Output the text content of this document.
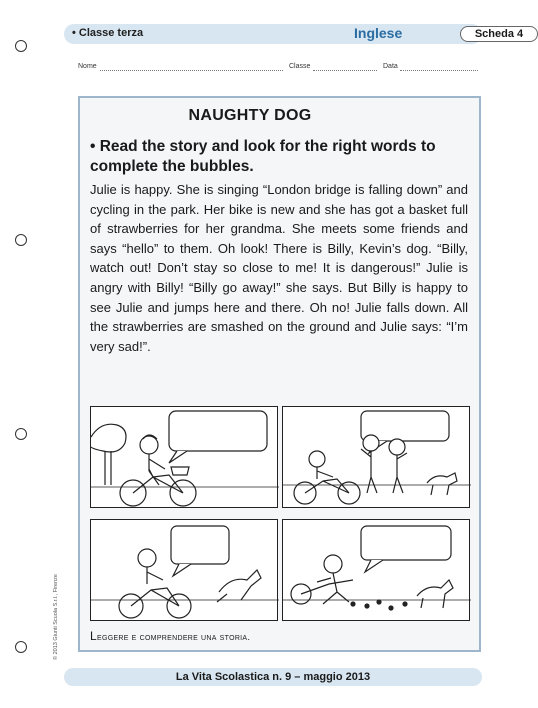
• Classe terza	Inglese	Scheda 4
Nome	Classe	Data
NAUGHTY DOG
• Read the story and look for the right words to complete the bubbles.
Julie is happy. She is singing “London bridge is falling down” and cycling in the park. Her bike is new and she has got a basket full of strawberries for her grandma. She meets some friends and says “hello” to them. Oh look! There is Billy, Kevin’s dog. “Billy, watch out! Don’t stay so close to me! It is dangerous!” Julie is angry with Billy! “Billy go away!” she says. But Billy is happy to see Julie and jumps here and there. Oh no! Julie falls down. All the strawberries are smashed on the ground and Julie says: “I’m very sad!”.
Leggere e comprendere una storia.
© 2013 Giunti Scuola S.r.l., Firenze
La Vita Scolastica n. 9 – maggio 2013
